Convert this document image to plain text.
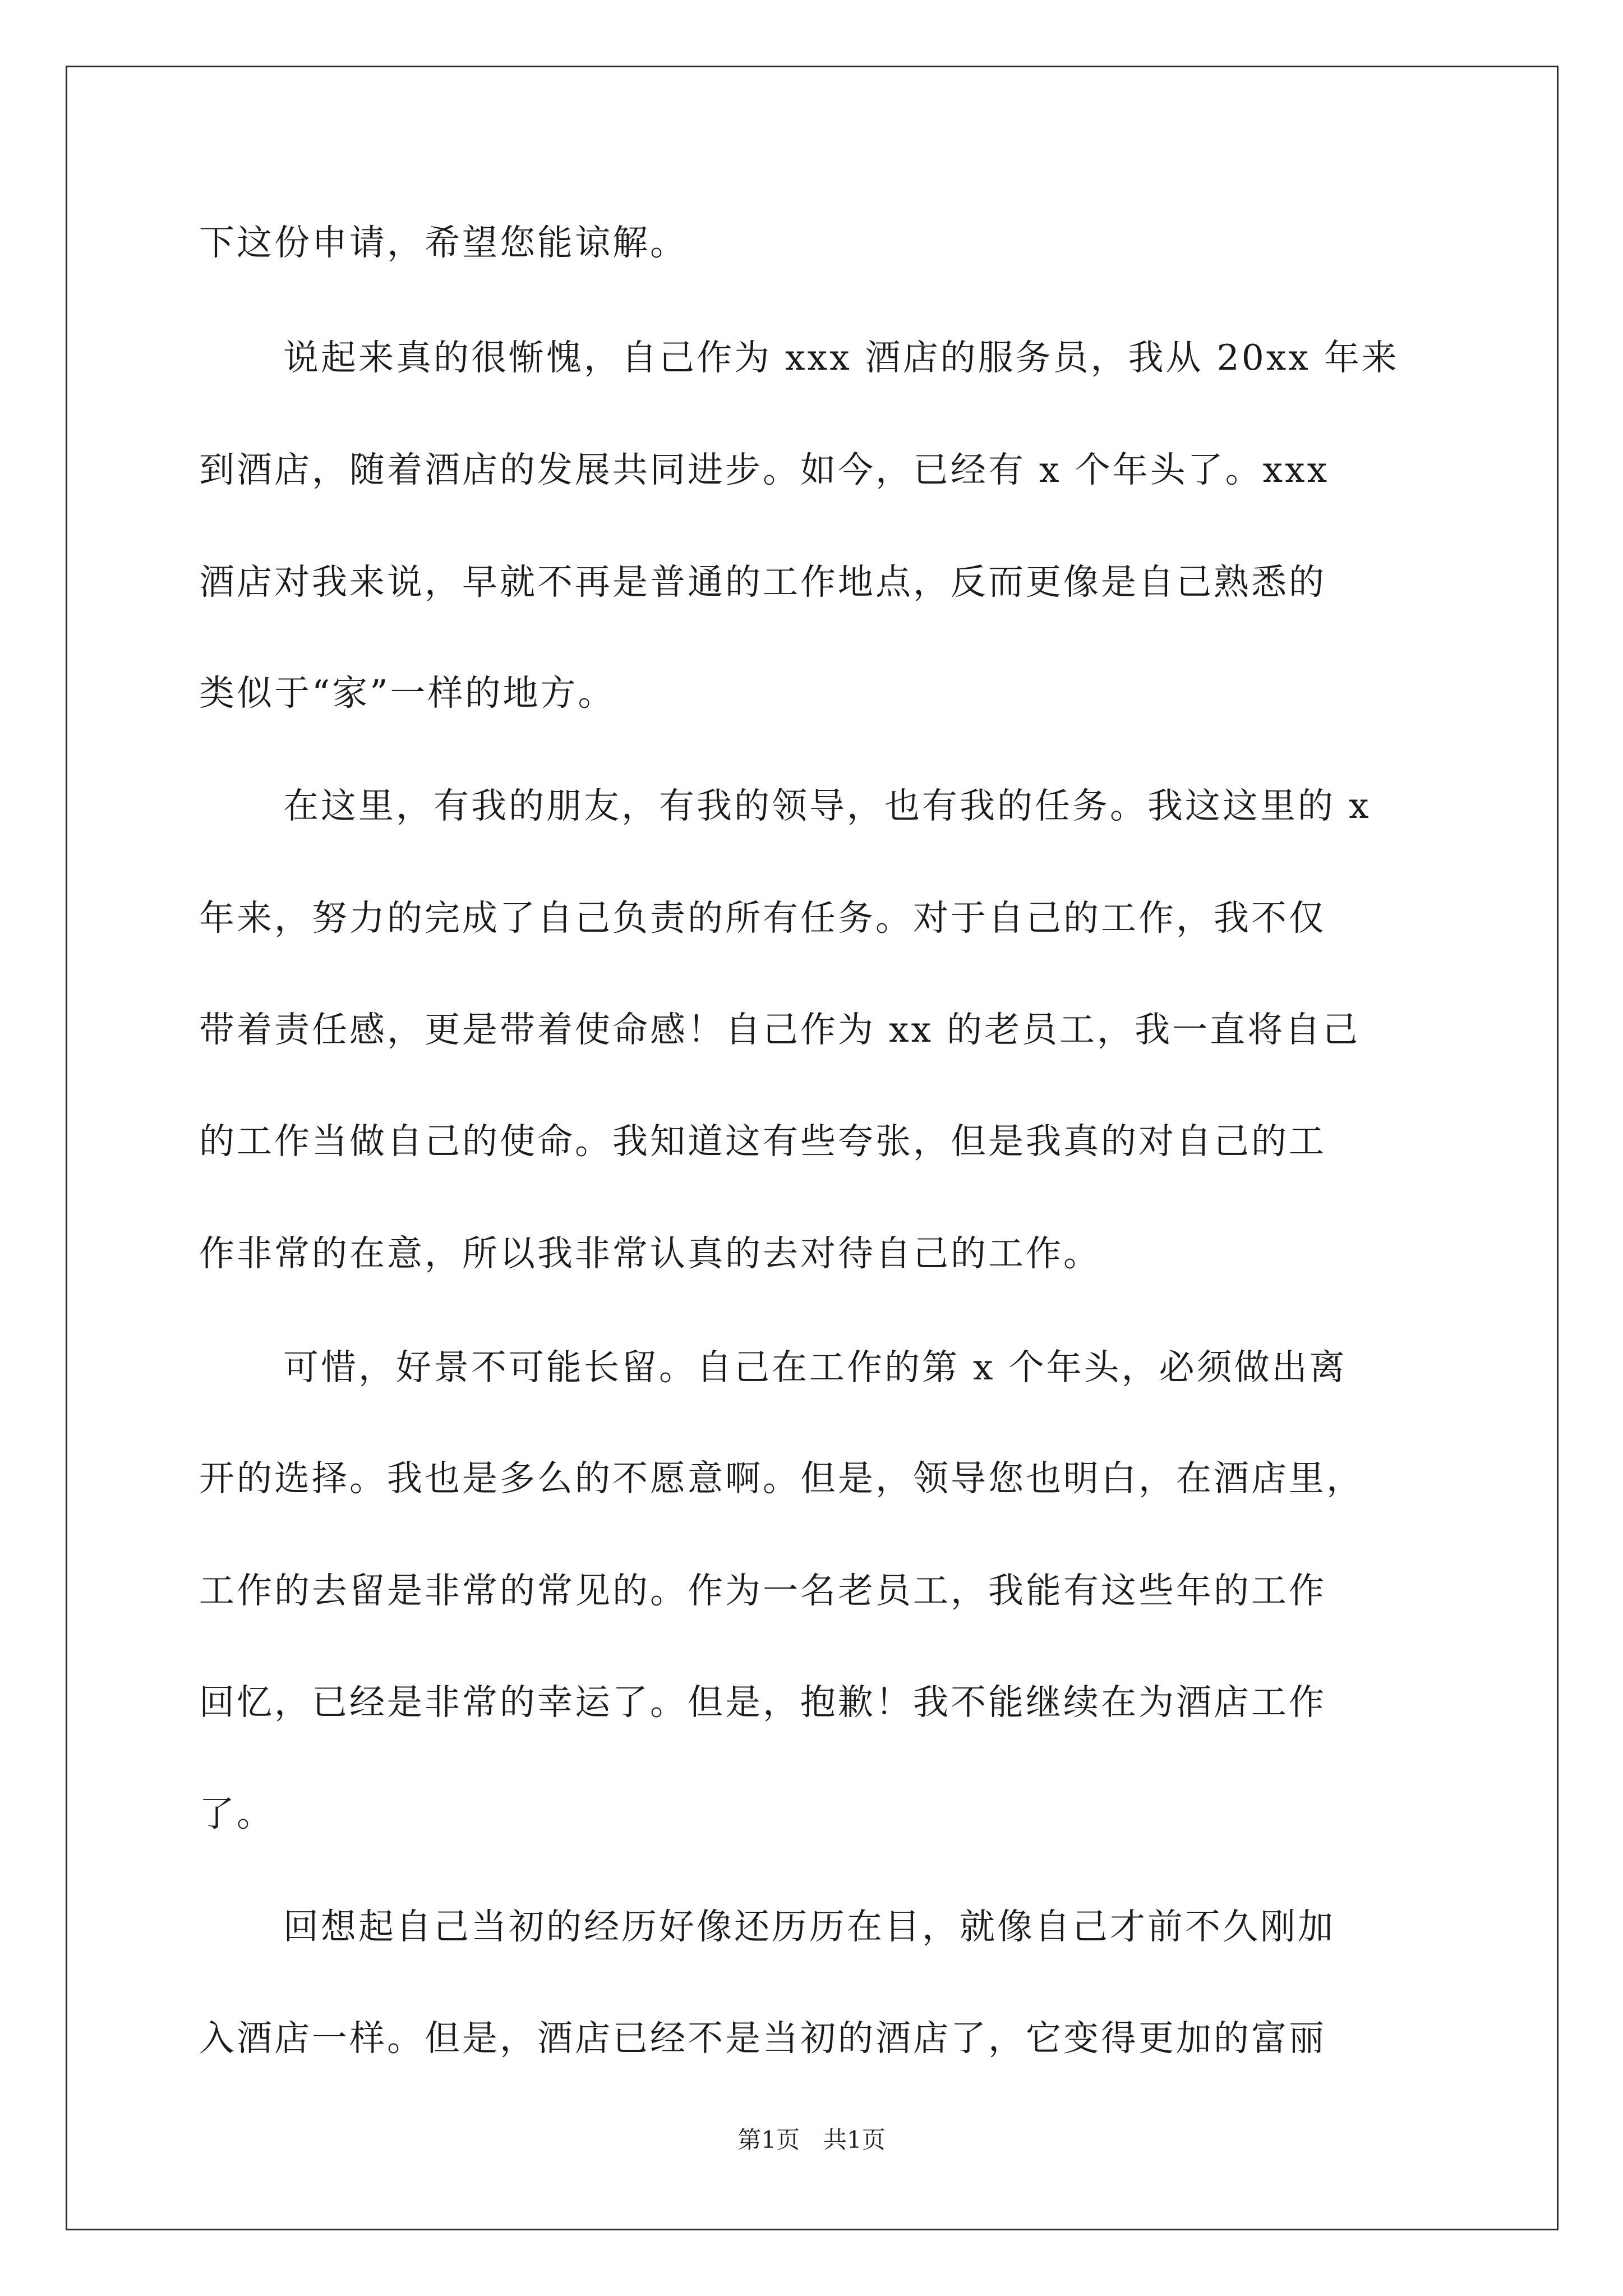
下这份申请，希望您能谅解。
说起来真的很惭愧，自己作为 xxx 酒店的服务员，我从 20xx 年来
到酒店，随着酒店的发展共同进步。如今，已经有 x 个年头了。xxx
酒店对我来说，早就不再是普通的工作地点，反而更像是自己熟悉的
类似于“家”一样的地方。
在这里，有我的朋友，有我的领导，也有我的任务。我这这里的 x
年来，努力的完成了自己负责的所有任务。对于自己的工作，我不仅
带着责任感，更是带着使命感！自己作为 xx 的老员工，我一直将自己
的工作当做自己的使命。我知道这有些夸张，但是我真的对自己的工
作非常的在意，所以我非常认真的去对待自己的工作。
可惜，好景不可能长留。自己在工作的第 x 个年头，必须做出离
开的选择。我也是多么的不愿意啊。但是，领导您也明白，在酒店里，
工作的去留是非常的常见的。作为一名老员工，我能有这些年的工作
回忆，已经是非常的幸运了。但是，抱歉！我不能继续在为酒店工作
了。
回想起自己当初的经历好像还历历在目，就像自己才前不久刚加
入酒店一样。但是，酒店已经不是当初的酒店了，它变得更加的富丽
第1页　共1页
